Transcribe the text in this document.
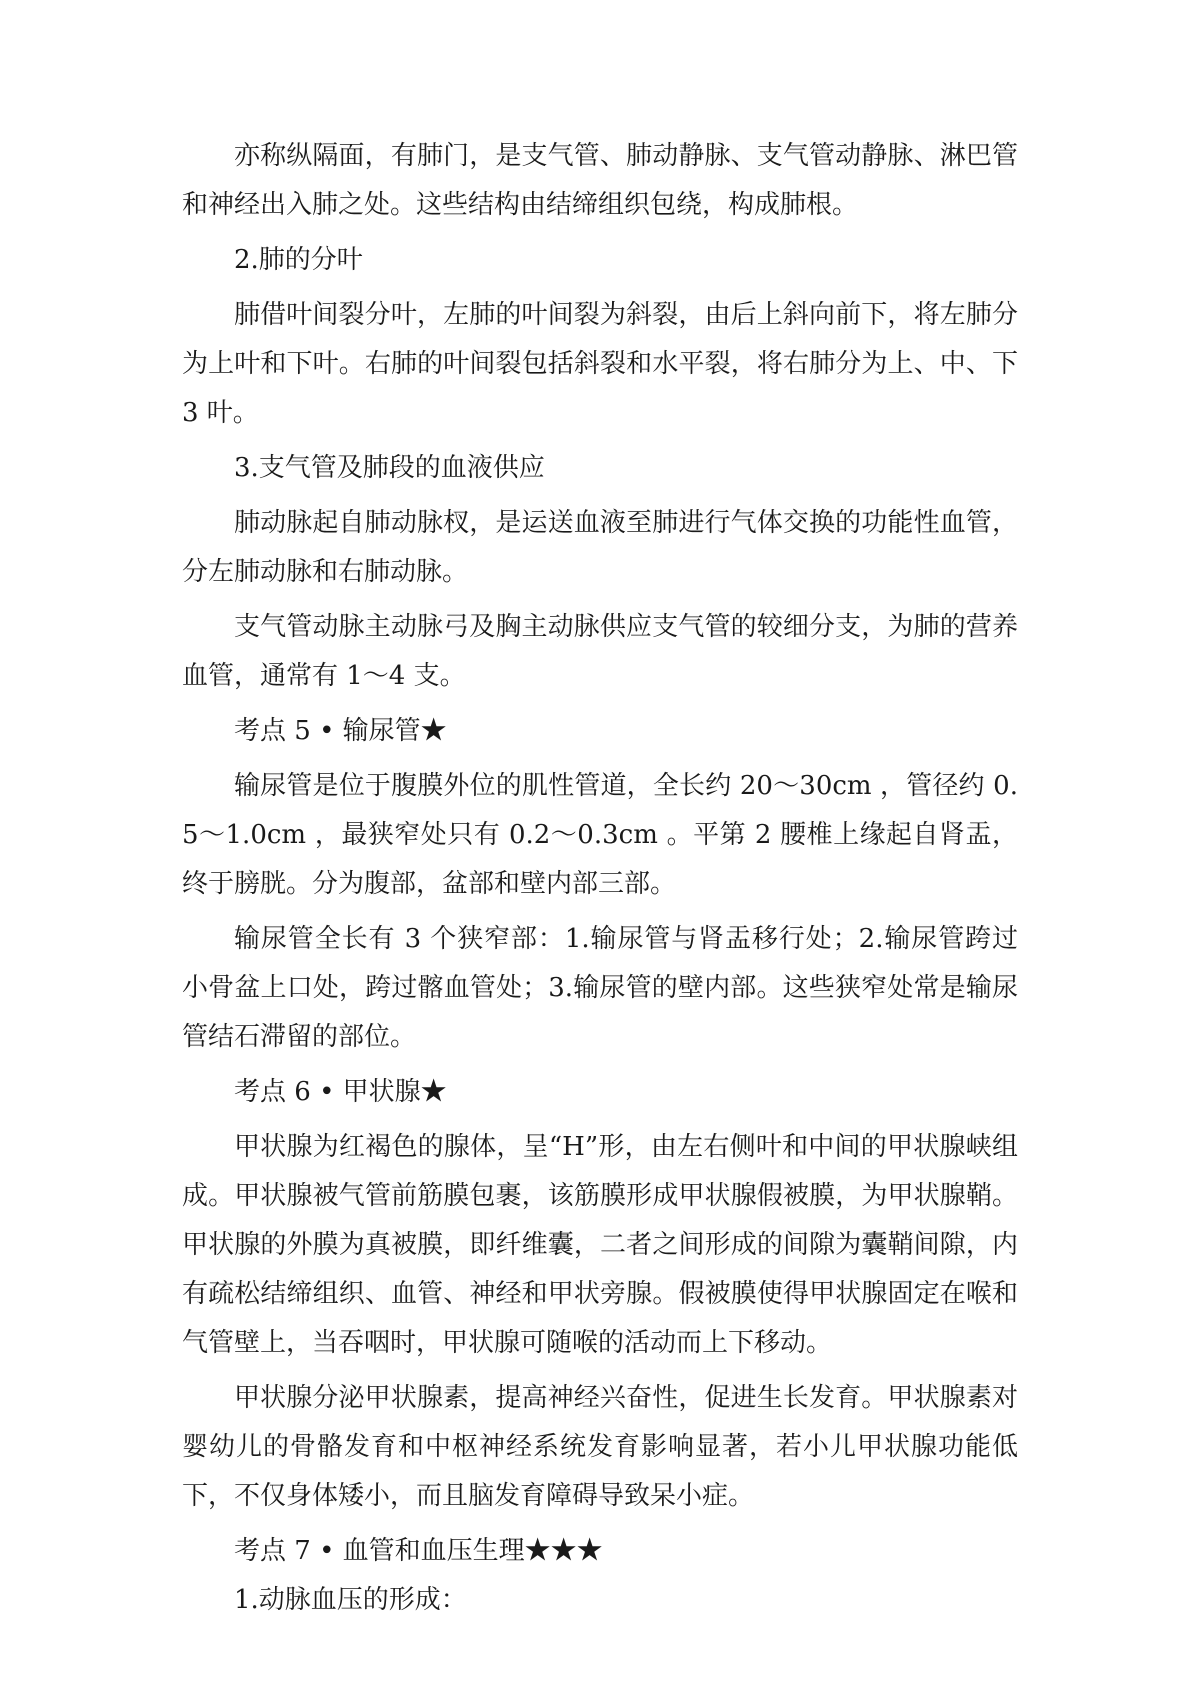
亦称纵隔面，有肺门，是支气管、肺动静脉、支气管动静脉、淋巴管和神经出入肺之处。这些结构由结缔组织包绕，构成肺根。

2.肺的分叶

肺借叶间裂分叶，左肺的叶间裂为斜裂，由后上斜向前下，将左肺分为上叶和下叶。右肺的叶间裂包括斜裂和水平裂，将右肺分为上、中、下 3 叶。

3.支气管及肺段的血液供应

肺动脉起自肺动脉杈，是运送血液至肺进行气体交换的功能性血管，分左肺动脉和右肺动脉。

支气管动脉主动脉弓及胸主动脉供应支气管的较细分支，为肺的营养血管，通常有 1～4 支。

考点 5 • 输尿管★

输尿管是位于腹膜外位的肌性管道，全长约 20～30cm ，管径约 0.5～1.0cm ，最狭窄处只有 0.2～0.3cm 。平第 2 腰椎上缘起自肾盂，终于膀胱。分为腹部，盆部和壁内部三部。

输尿管全长有 3 个狭窄部：1.输尿管与肾盂移行处；2.输尿管跨过小骨盆上口处，跨过髂血管处；3.输尿管的壁内部。这些狭窄处常是输尿管结石滞留的部位。

考点 6 • 甲状腺★

甲状腺为红褐色的腺体，呈“H”形，由左右侧叶和中间的甲状腺峡组成。甲状腺被气管前筋膜包裹，该筋膜形成甲状腺假被膜，为甲状腺鞘。甲状腺的外膜为真被膜，即纤维囊，二者之间形成的间隙为囊鞘间隙，内有疏松结缔组织、血管、神经和甲状旁腺。假被膜使得甲状腺固定在喉和气管壁上，当吞咽时，甲状腺可随喉的活动而上下移动。

甲状腺分泌甲状腺素，提高神经兴奋性，促进生长发育。甲状腺素对婴幼儿的骨骼发育和中枢神经系统发育影响显著，若小儿甲状腺功能低下，不仅身体矮小，而且脑发育障碍导致呆小症。

考点 7 • 血管和血压生理★★★

1.动脉血压的形成：
